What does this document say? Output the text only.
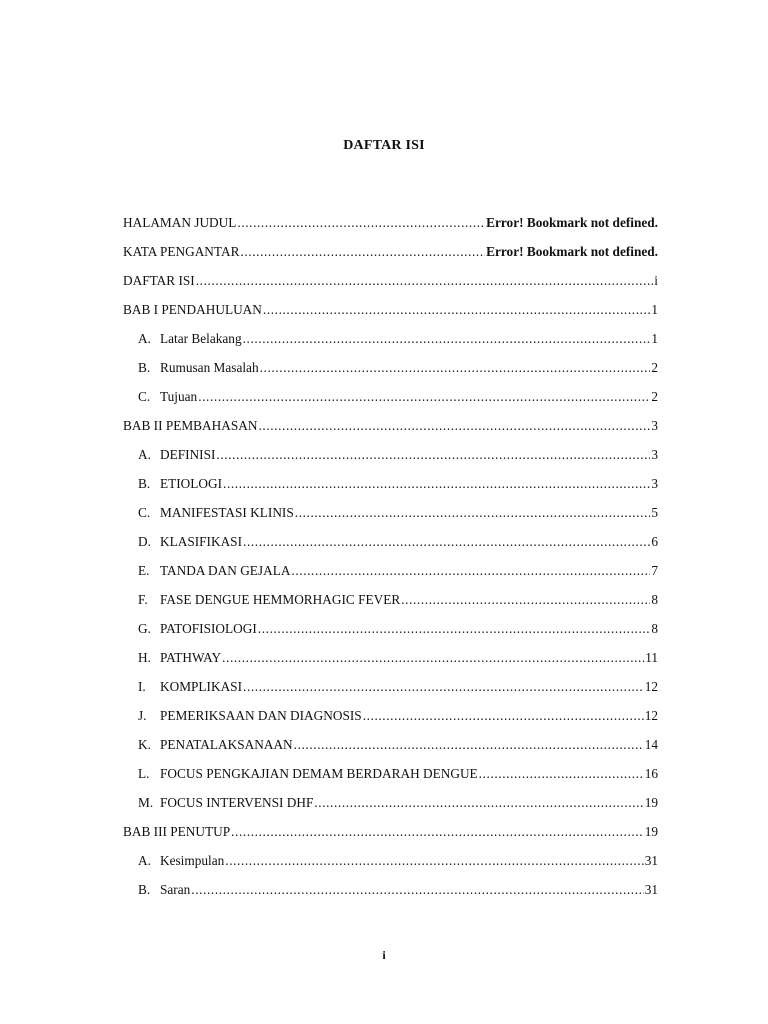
DAFTAR ISI
HALAMAN JUDUL .....	Error! Bookmark not defined.
KATA PENGANTAR .....	Error! Bookmark not defined.
DAFTAR ISI .....	i
BAB I PENDAHULUAN .....	1
A. Latar Belakang .....	1
B. Rumusan Masalah .....	2
C. Tujuan .....	2
BAB II PEMBAHASAN .....	3
A. DEFINISI .....	3
B. ETIOLOGI .....	3
C. MANIFESTASI KLINIS .....	5
D. KLASIFIKASI .....	6
E. TANDA DAN GEJALA .....	7
F. FASE DENGUE HEMMORHAGIC FEVER .....	8
G. PATOFISIOLOGI .....	8
H. PATHWAY .....	11
I.	KOMPLIKASI .....	12
J.	PEMERIKSAAN DAN DIAGNOSIS .....	12
K. PENATALAKSANAAN .....	14
L. FOCUS PENGKAJIAN DEMAM BERDARAH DENGUE .....	16
M. FOCUS INTERVENSI DHF .....	19
BAB III PENUTUP .....	19
A. Kesimpulan .....	31
B. Saran .....	31
i
